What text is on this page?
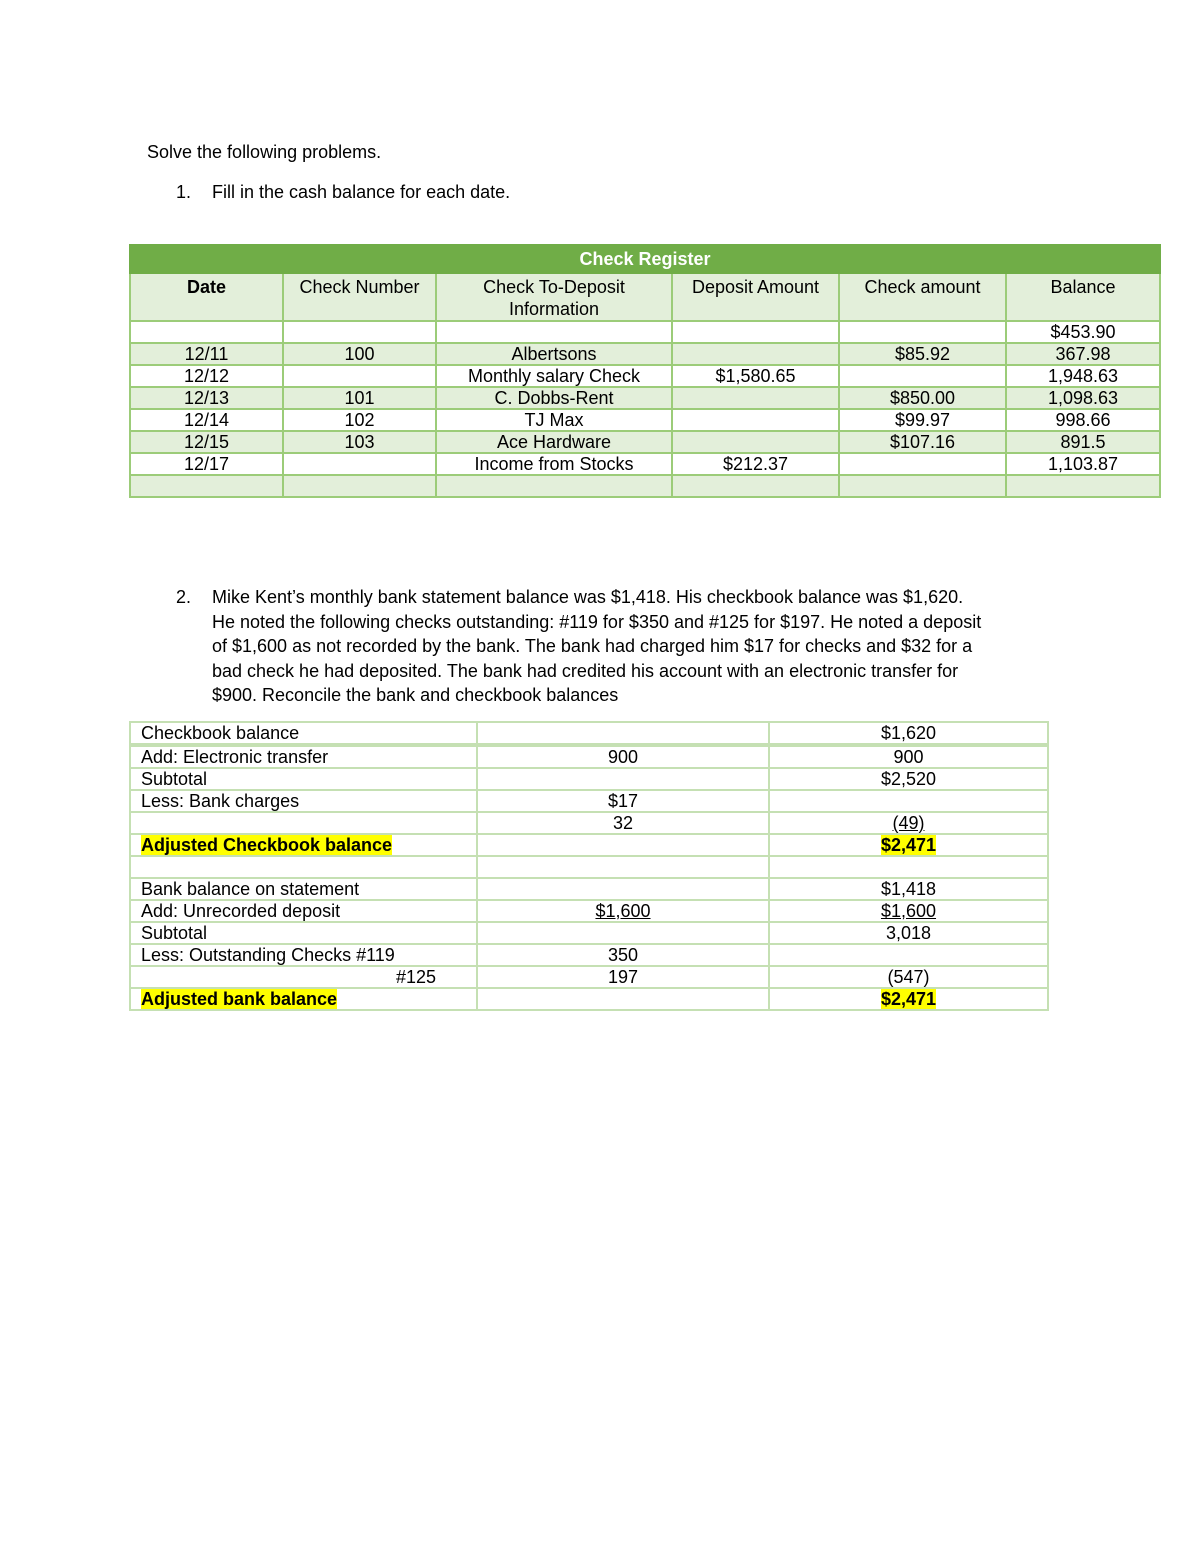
Solve the following problems.
1. Fill in the cash balance for each date.
Check Register					
Date	Check Number	Check To-Deposit Information	Deposit Amount	Check amount	Balance
					$453.90
12/11	100	Albertsons		$85.92	367.98
12/12		Monthly salary Check	$1,580.65		1,948.63
12/13	101	C. Dobbs-Rent		$850.00	1,098.63
12/14	102	TJ Max		$99.97	998.66
12/15	103	Ace Hardware		$107.16	891.5
12/17		Income from Stocks	$212.37		1,103.87

2. Mike Kent’s monthly bank statement balance was $1,418. His checkbook balance was $1,620.
He noted the following checks outstanding: #119 for $350 and #125 for $197. He noted a deposit
of $1,600 as not recorded by the bank. The bank had charged him $17 for checks and $32 for a
bad check he had deposited. The bank had credited his account with an electronic transfer for
$900. Reconcile the bank and checkbook balances
Checkbook balance		$1,620
Add: Electronic transfer	900	900
Subtotal		$2,520
Less: Bank charges	$17	
	32	(49)
Adjusted Checkbook balance		$2,471

Bank balance on statement		$1,418
Add: Unrecorded deposit	$1,600	$1,600
Subtotal		3,018
Less: Outstanding Checks #119	350	
#125	197	(547)
Adjusted bank balance		$2,471
